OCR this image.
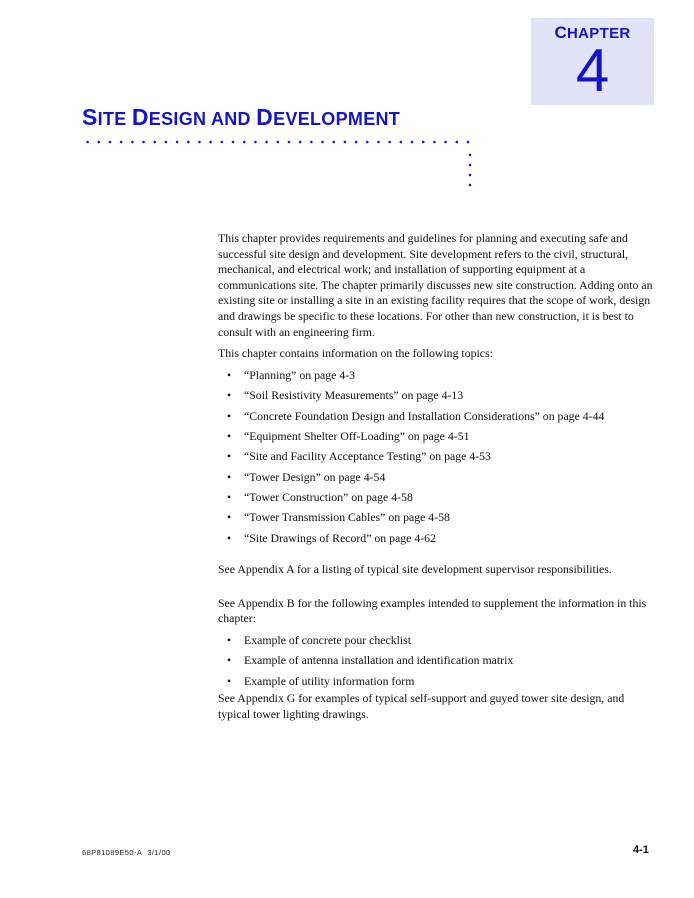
CHAPTER
4
SITE DESIGN AND DEVELOPMENT

This chapter provides requirements and guidelines for planning and executing safe and successful site design and development. Site development refers to the civil, structural, mechanical, and electrical work; and installation of supporting equipment at a communications site. The chapter primarily discusses new site construction. Adding onto an existing site or installing a site in an existing facility requires that the scope of work, design and drawings be specific to these locations. For other than new construction, it is best to consult with an engineering firm.

This chapter contains information on the following topics:

• “Planning” on page 4-3
• “Soil Resistivity Measurements” on page 4-13
• “Concrete Foundation Design and Installation Considerations” on page 4-44
• “Equipment Shelter Off-Loading” on page 4-51
• “Site and Facility Acceptance Testing” on page 4-53
• “Tower Design” on page 4-54
• “Tower Construction” on page 4-58
• “Tower Transmission Cables” on page 4-58
• “Site Drawings of Record” on page 4-62

See Appendix A for a listing of typical site development supervisor responsibilities.

See Appendix B for the following examples intended to supplement the information in this chapter:

• Example of concrete pour checklist
• Example of antenna installation and identification matrix
• Example of utility information form

See Appendix G for examples of typical self-support and guyed tower site design, and typical tower lighting drawings.

68P81089E50-A 3/1/00	4-1
